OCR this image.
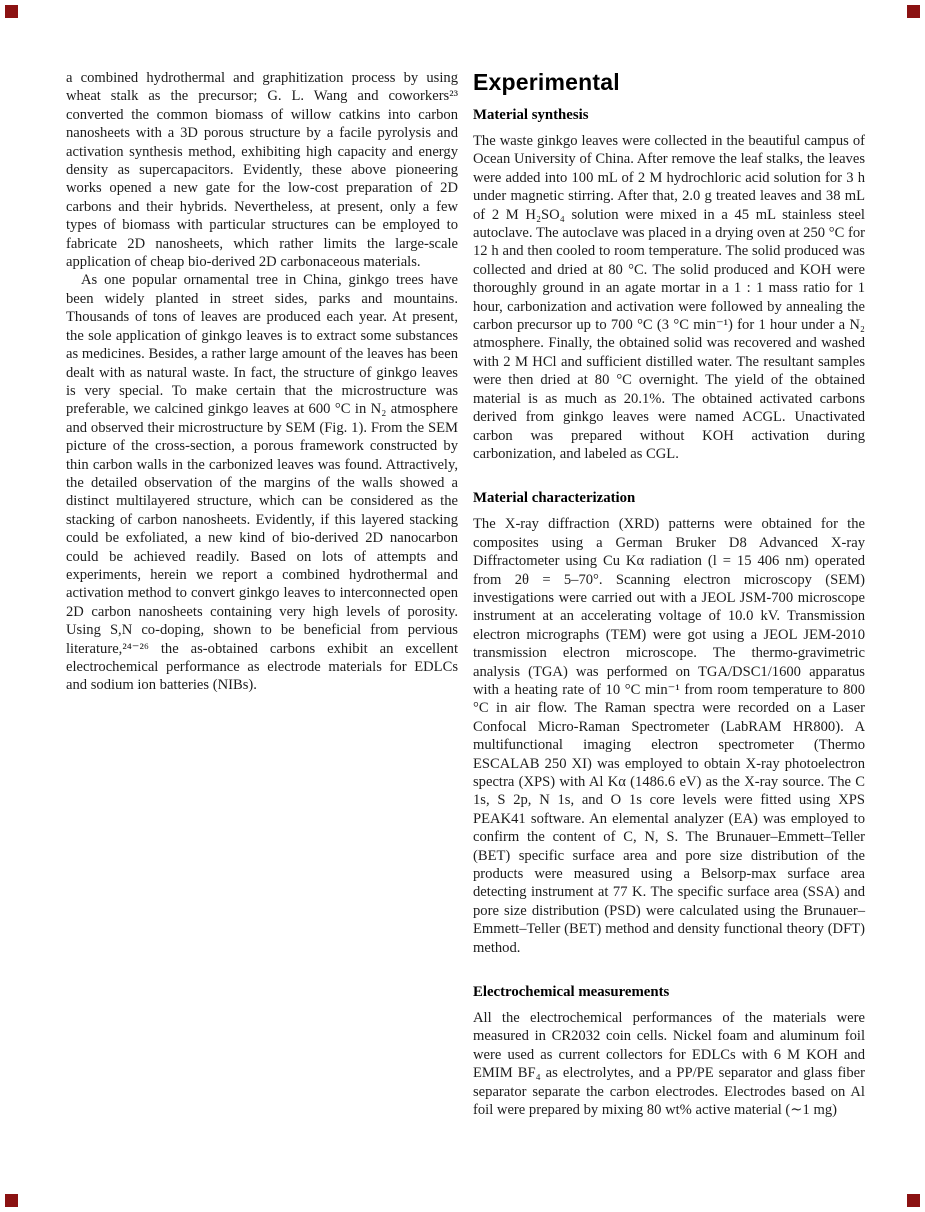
a combined hydrothermal and graphitization process by using wheat stalk as the precursor; G. L. Wang and coworkers²³ converted the common biomass of willow catkins into carbon nanosheets with a 3D porous structure by a facile pyrolysis and activation synthesis method, exhibiting high capacity and energy density as supercapacitors. Evidently, these above pioneering works opened a new gate for the low-cost preparation of 2D carbons and their hybrids. Nevertheless, at present, only a few types of biomass with particular structures can be employed to fabricate 2D nanosheets, which rather limits the large-scale application of cheap bio-derived 2D carbonaceous materials.

As one popular ornamental tree in China, ginkgo trees have been widely planted in street sides, parks and mountains. Thousands of tons of leaves are produced each year. At present, the sole application of ginkgo leaves is to extract some substances as medicines. Besides, a rather large amount of the leaves has been dealt with as natural waste. In fact, the structure of ginkgo leaves is very special. To make certain that the microstructure was preferable, we calcined ginkgo leaves at 600 °C in N₂ atmosphere and observed their microstructure by SEM (Fig. 1). From the SEM picture of the cross-section, a porous framework constructed by thin carbon walls in the carbonized leaves was found. Attractively, the detailed observation of the margins of the walls showed a distinct multilayered structure, which can be considered as the stacking of carbon nanosheets. Evidently, if this layered stacking could be exfoliated, a new kind of bio-derived 2D nanocarbon could be achieved readily. Based on lots of attempts and experiments, herein we report a combined hydrothermal and activation method to convert ginkgo leaves to interconnected open 2D carbon nanosheets containing very high levels of porosity. Using S,N co-doping, shown to be beneficial from pervious literature,²⁴⁻²⁶ the as-obtained carbons exhibit an excellent electrochemical performance as electrode materials for EDLCs and sodium ion batteries (NIBs).

Experimental
Material synthesis

The waste ginkgo leaves were collected in the beautiful campus of Ocean University of China. After remove the leaf stalks, the leaves were added into 100 mL of 2 M hydrochloric acid solution for 3 h under magnetic stirring. After that, 2.0 g treated leaves and 38 mL of 2 M H₂SO₄ solution were mixed in a 45 mL stainless steel autoclave. The autoclave was placed in a drying oven at 250 °C for 12 h and then cooled to room temperature. The solid produced was collected and dried at 80 °C. The solid produced and KOH were thoroughly ground in an agate mortar in a 1 : 1 mass ratio for 1 hour, carbonization and activation were followed by annealing the carbon precursor up to 700 °C (3 °C min⁻¹) for 1 hour under a N₂ atmosphere. Finally, the obtained solid was recovered and washed with 2 M HCl and sufficient distilled water. The resultant samples were then dried at 80 °C overnight. The yield of the obtained material is as much as 20.1%. The obtained activated carbons derived from ginkgo leaves were named ACGL. Unactivated carbon was prepared without KOH activation during carbonization, and labeled as CGL.

Material characterization

The X-ray diffraction (XRD) patterns were obtained for the composites using a German Bruker D8 Advanced X-ray Diffractometer using Cu Kα radiation (l = 15 406 nm) operated from 2θ = 5–70°. Scanning electron microscopy (SEM) investigations were carried out with a JEOL JSM-700 microscope instrument at an accelerating voltage of 10.0 kV. Transmission electron micrographs (TEM) were got using a JEOL JEM-2010 transmission electron microscope. The thermo-gravimetric analysis (TGA) was performed on TGA/DSC1/1600 apparatus with a heating rate of 10 °C min⁻¹ from room temperature to 800 °C in air flow. The Raman spectra were recorded on a Laser Confocal Micro-Raman Spectrometer (LabRAM HR800). A multifunctional imaging electron spectrometer (Thermo ESCALAB 250 XI) was employed to obtain X-ray photoelectron spectra (XPS) with Al Kα (1486.6 eV) as the X-ray source. The C 1s, S 2p, N 1s, and O 1s core levels were fitted using XPS PEAK41 software. An elemental analyzer (EA) was employed to confirm the content of C, N, S. The Brunauer–Emmett–Teller (BET) specific surface area and pore size distribution of the products were measured using a Belsorp-max surface area detecting instrument at 77 K. The specific surface area (SSA) and pore size distribution (PSD) were calculated using the Brunauer–Emmett–Teller (BET) method and density functional theory (DFT) method.

Electrochemical measurements

All the electrochemical performances of the materials were measured in CR2032 coin cells. Nickel foam and aluminum foil were used as current collectors for EDLCs with 6 M KOH and EMIM BF₄ as electrolytes, and a PP/PE separator and glass fiber separator separate the carbon electrodes. Electrodes based on Al foil were prepared by mixing 80 wt% active material (∼1 mg)
